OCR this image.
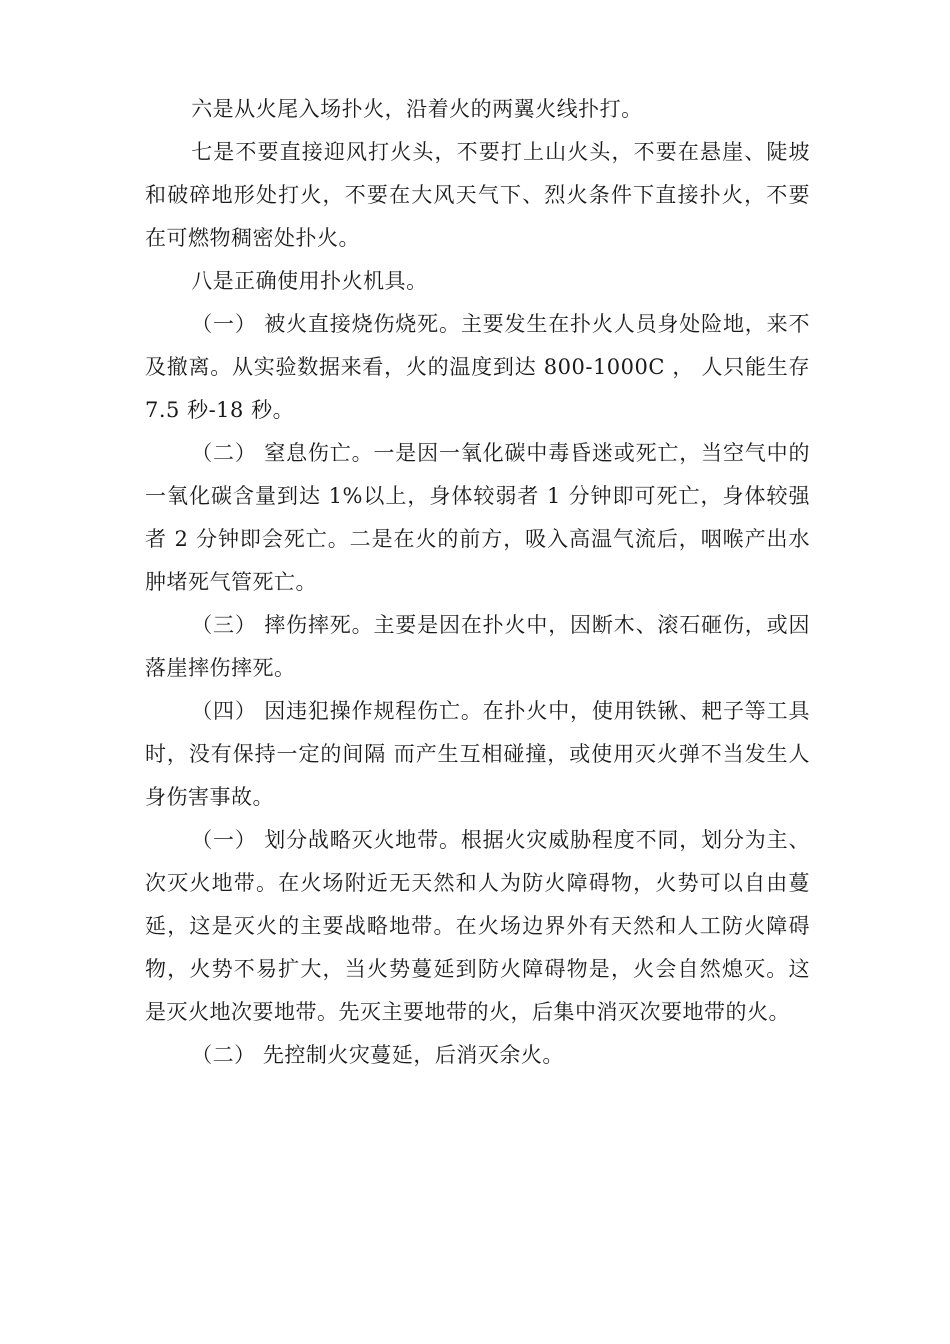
六是从火尾入场扑火，沿着火的两翼火线扑打。

七是不要直接迎风打火头，不要打上山火头，不要在悬崖、陡坡和破碎地形处打火，不要在大风天气下、烈火条件下直接扑火，不要在可燃物稠密处扑火。

八是正确使用扑火机具。

（一） 被火直接烧伤烧死。主要发生在扑火人员身处险地，来不及撤离。从实验数据来看，火的温度到达 800-1000C ， 人只能生存 7.5 秒-18 秒。

（二） 窒息伤亡。一是因一氧化碳中毒昏迷或死亡，当空气中的一氧化碳含量到达 1%以上，身体较弱者 1 分钟即可死亡，身体较强者 2 分钟即会死亡。二是在火的前方，吸入高温气流后，咽喉产出水肿堵死气管死亡。

（三） 摔伤摔死。主要是因在扑火中，因断木、滚石砸伤，或因落崖摔伤摔死。

（四） 因违犯操作规程伤亡。在扑火中，使用铁锹、耙子等工具时，没有保持一定的间隔 而产生互相碰撞，或使用灭火弹不当发生人身伤害事故。

（一） 划分战略灭火地带。根据火灾威胁程度不同，划分为主、次灭火地带。在火场附近无天然和人为防火障碍物，火势可以自由蔓延，这是灭火的主要战略地带。在火场边界外有天然和人工防火障碍物，火势不易扩大，当火势蔓延到防火障碍物是，火会自然熄灭。这是灭火地次要地带。先灭主要地带的火，后集中消灭次要地带的火。

（二） 先控制火灾蔓延，后消灭余火。
